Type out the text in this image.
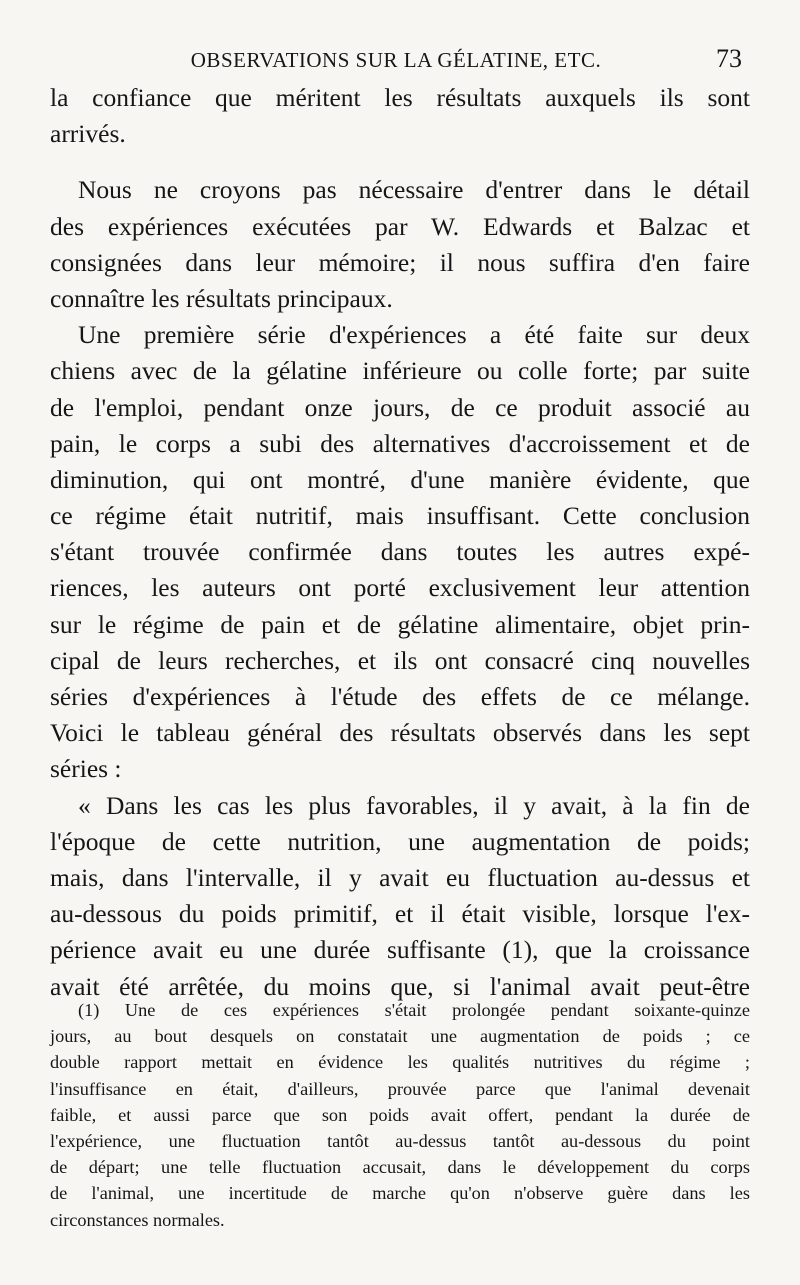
OBSERVATIONS SUR LA GÉLATINE, ETC.	73
la confiance que méritent les résultats auxquels ils sont
arrivés.
Nous ne croyons pas nécessaire d'entrer dans le détail
des expériences exécutées par W. Edwards et Balzac et
consignées dans leur mémoire; il nous suffira d'en faire
connaître les résultats principaux.
Une première série d'expériences a été faite sur deux
chiens avec de la gélatine inférieure ou colle forte; par suite
de l'emploi, pendant onze jours, de ce produit associé au
pain, le corps a subi des alternatives d'accroissement et de
diminution, qui ont montré, d'une manière évidente, que
ce régime était nutritif, mais insuffisant. Cette conclusion
s'étant trouvée confirmée dans toutes les autres expé-
riences, les auteurs ont porté exclusivement leur attention
sur le régime de pain et de gélatine alimentaire, objet prin-
cipal de leurs recherches, et ils ont consacré cinq nouvelles
séries d'expériences à l'étude des effets de ce mélange.
Voici le tableau général des résultats observés dans les sept
séries :
« Dans les cas les plus favorables, il y avait, à la fin de
l'époque de cette nutrition, une augmentation de poids;
mais, dans l'intervalle, il y avait eu fluctuation au-dessus et
au-dessous du poids primitif, et il était visible, lorsque l'ex-
périence avait eu une durée suffisante (1), que la croissance
avait été arrêtée, du moins que, si l'animal avait peut-être
(1) Une de ces expériences s'était prolongée pendant soixante-quinze
jours, au bout desquels on constatait une augmentation de poids ; ce
double rapport mettait en évidence les qualités nutritives du régime ;
l'insuffisance en était, d'ailleurs, prouvée parce que l'animal devenait
faible, et aussi parce que son poids avait offert, pendant la durée de
l'expérience, une fluctuation tantôt au-dessus tantôt au-dessous du point
de départ; une telle fluctuation accusait, dans le développement du corps
de l'animal, une incertitude de marche qu'on n'observe guère dans les
circonstances normales.
